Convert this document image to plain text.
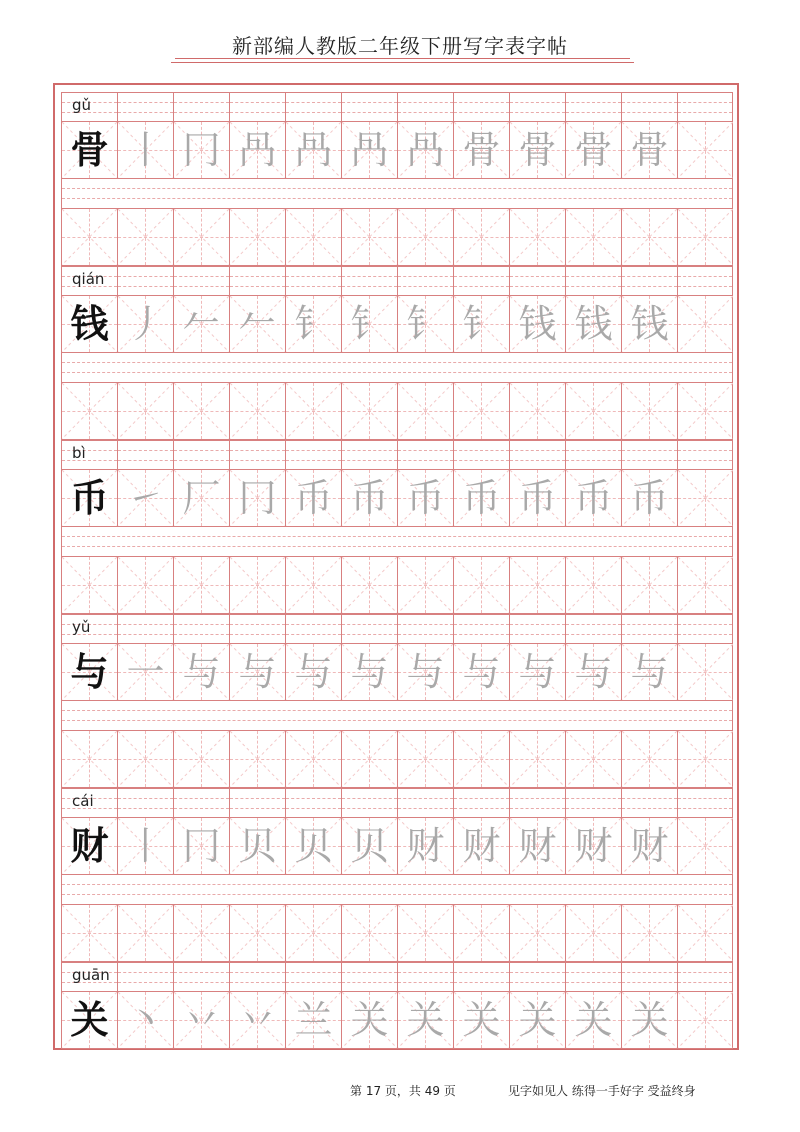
新部编人教版二年级下册写字表字帖
gǔ
骨 丨 冂 冎 冎 冎 冎 骨 骨 骨 骨
qián
钱 丿 𠂉 𠂉 钅 钅 钅 钅 钱 钱 钱
bì
币 ㇀ 厂 冂 币 币 币 币 币 币 币
yǔ
与 一 与 与 与 与 与 与 与 与 与
cái
财 丨 冂 贝 贝 贝 财 财 财 财 财
guān
关 丶 丷 丷 兰 关 关 关 关 关 关
第 17 页，共 49 页	见字如见人 练得一手好字 受益终身
